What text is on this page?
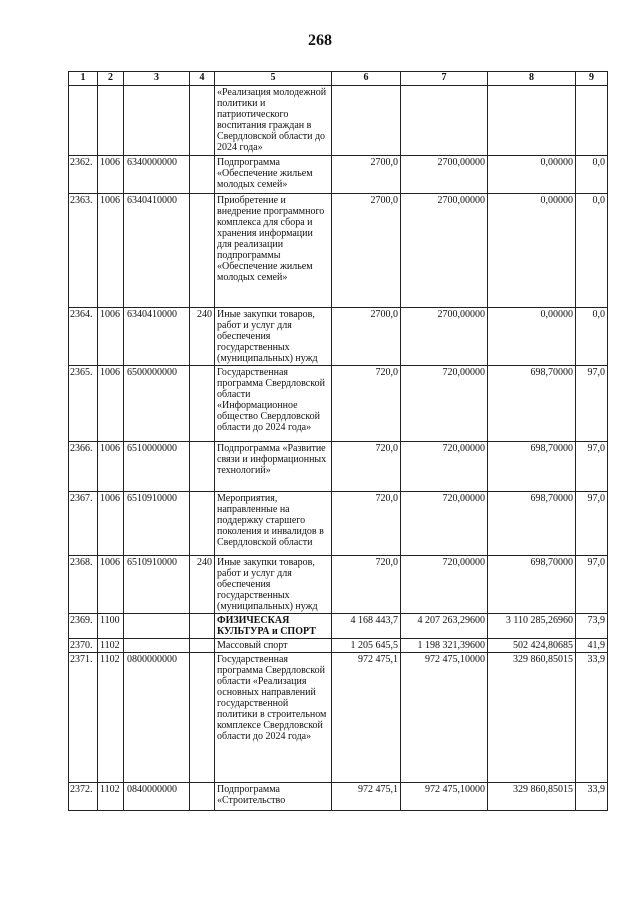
268
1	2	3	4	5	6	7	8	9
				«Реализация молодежной политики и патриотического воспитания граждан в Свердловской области до 2024 года»				
2362.	1006	6340000000		Подпрограмма «Обеспечение жильем молодых семей»	2700,0	2700,00000	0,00000	0,0
2363.	1006	6340410000		Приобретение и внедрение программного комплекса для сбора и хранения информации для реализации подпрограммы «Обеспечение жильем молодых семей»	2700,0	2700,00000	0,00000	0,0
2364.	1006	6340410000	240	Иные закупки товаров, работ и услуг для обеспечения государственных (муниципальных) нужд	2700,0	2700,00000	0,00000	0,0
2365.	1006	6500000000		Государственная программа Свердловской области «Информационное общество Свердловской области до 2024 года»	720,0	720,00000	698,70000	97,0
2366.	1006	6510000000		Подпрограмма «Развитие связи и информационных технологий»	720,0	720,00000	698,70000	97,0
2367.	1006	6510910000		Мероприятия, направленные на поддержку старшего поколения и инвалидов в Свердловской области	720,0	720,00000	698,70000	97,0
2368.	1006	6510910000	240	Иные закупки товаров, работ и услуг для обеспечения государственных (муниципальных) нужд	720,0	720,00000	698,70000	97,0
2369.	1100			ФИЗИЧЕСКАЯ КУЛЬТУРА и СПОРТ	4 168 443,7	4 207 263,29600	3 110 285,26960	73,9
2370.	1102			Массовый спорт	1 205 645,5	1 198 321,39600	502 424,80685	41,9
2371.	1102	0800000000		Государственная программа Свердловской области «Реализация основных направлений государственной политики в строительном комплексе Свердловской области до 2024 года»	972 475,1	972 475,10000	329 860,85015	33,9
2372.	1102	0840000000		Подпрограмма «Строительство	972 475,1	972 475,10000	329 860,85015	33,9
